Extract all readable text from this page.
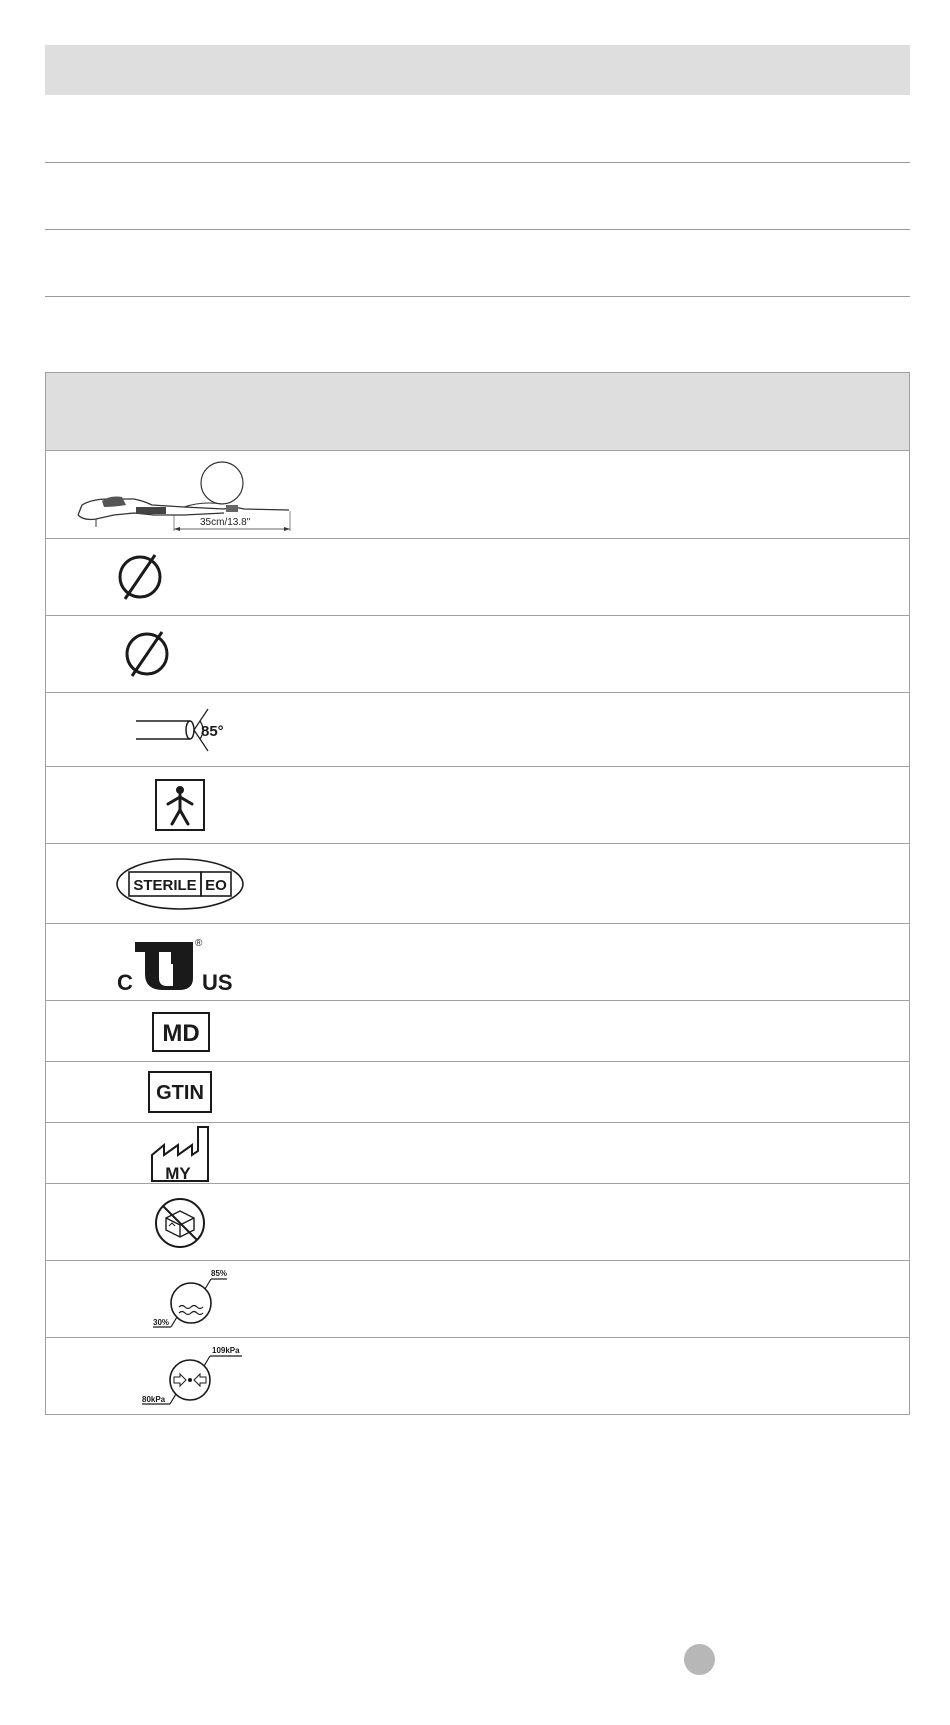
35cm/13.8"	

85°	

STERILE EO	

C US
®	

MD	

GTIN	

MY	

85%
30%	

109kPa
80kPa	
